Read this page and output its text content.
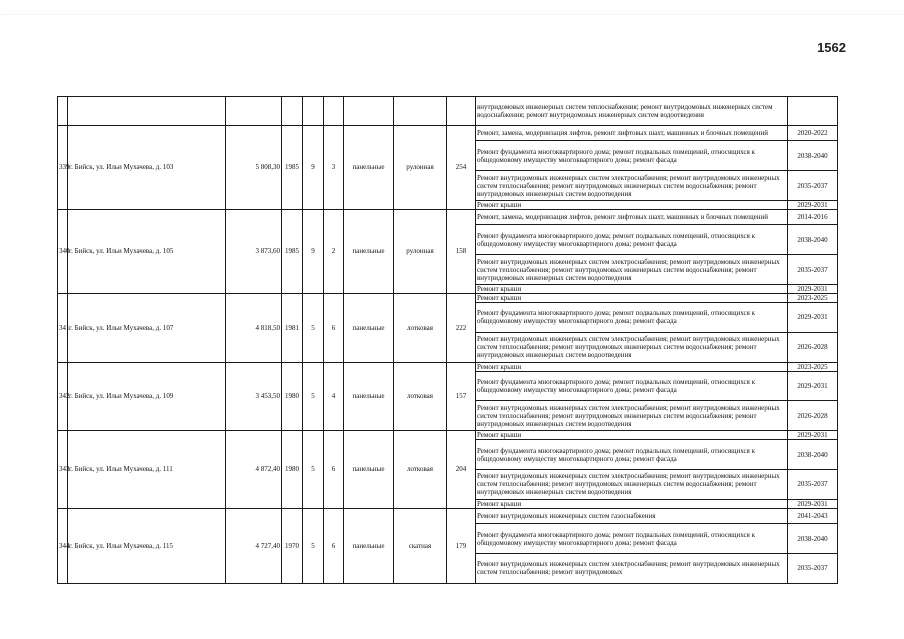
1562
									внутридомовых инженерных систем теплоснабжения; ремонт внутридомовых инженерных систем водоснабжения; ремонт внутридомовых инженерных систем водоотведения	
339	г. Бийск, ул. Ильи Мухачева, д. 103	5 808,30	1985	9	3	панельные	рулонная	254	Ремонт, замена, модернизация лифтов, ремонт лифтовых шахт, машинных и блочных помещений	2020-2022
									Ремонт фундамента многоквартирного дома; ремонт подвальных помещений, относящихся к общедомовому имуществу многоквартирного дома; ремонт фасада	2038-2040
									Ремонт внутридомовых инженерных систем электроснабжения; ремонт внутридомовых инженерных систем теплоснабжения; ремонт внутридомовых инженерных систем водоснабжения; ремонт внутридомовых инженерных систем водоотведения	2035-2037
									Ремонт крыши	2029-2031
340	г. Бийск, ул. Ильи Мухачева, д. 105	3 873,60	1985	9	2	панельные	рулонная	158	Ремонт, замена, модернизация лифтов, ремонт лифтовых шахт, машинных и блочных помещений	2014-2016
									Ремонт фундамента многоквартирного дома; ремонт подвальных помещений, относящихся к общедомовому имуществу многоквартирного дома; ремонт фасада	2038-2040
									Ремонт внутридомовых инженерных систем электроснабжения; ремонт внутридомовых инженерных систем теплоснабжения; ремонт внутридомовых инженерных систем водоснабжения; ремонт внутридомовых инженерных систем водоотведения	2035-2037
									Ремонт крыши	2029-2031
341	г. Бийск, ул. Ильи Мухачева, д. 107	4 818,50	1981	5	6	панельные	лотковая	222	Ремонт крыши	2023-2025
									Ремонт фундамента многоквартирного дома; ремонт подвальных помещений, относящихся к общедомовому имуществу многоквартирного дома; ремонт фасада	2029-2031
									Ремонт внутридомовых инженерных систем электроснабжения; ремонт внутридомовых инженерных систем теплоснабжения; ремонт внутридомовых инженерных систем водоснабжения; ремонт внутридомовых инженерных систем водоотведения	2026-2028
342	г. Бийск, ул. Ильи Мухачева, д. 109	3 453,50	1980	5	4	панельные	лотковая	157	Ремонт крыши	2023-2025
									Ремонт фундамента многоквартирного дома; ремонт подвальных помещений, относящихся к общедомовому имуществу многоквартирного дома; ремонт фасада	2029-2031
									Ремонт внутридомовых инженерных систем электроснабжения; ремонт внутридомовых инженерных систем теплоснабжения; ремонт внутридомовых инженерных систем водоснабжения; ремонт внутридомовых инженерных систем водоотведения	2026-2028
343	г. Бийск, ул. Ильи Мухачева, д. 111	4 872,40	1980	5	6	панельные	лотковая	204	Ремонт крыши	2029-2031
									Ремонт фундамента многоквартирного дома; ремонт подвальных помещений, относящихся к общедомовому имуществу многоквартирного дома; ремонт фасада	2038-2040
									Ремонт внутридомовых инженерных систем электроснабжения; ремонт внутридомовых инженерных систем теплоснабжения; ремонт внутридомовых инженерных систем водоснабжения; ремонт внутридомовых инженерных систем водоотведения	2035-2037
									Ремонт крыши	2029-2031
344	г. Бийск, ул. Ильи Мухачева, д. 115	4 727,40	1970	5	6	панельные	скатная	179	Ремонт внутридомовых инженерных систем газоснабжения	2041-2043
									Ремонт фундамента многоквартирного дома; ремонт подвальных помещений, относящихся к общедомовому имуществу многоквартирного дома; ремонт фасада	2038-2040
									Ремонт внутридомовых инженерных систем электроснабжения; ремонт внутридомовых инженерных систем теплоснабжения; ремонт внутридомовых	2035-2037
